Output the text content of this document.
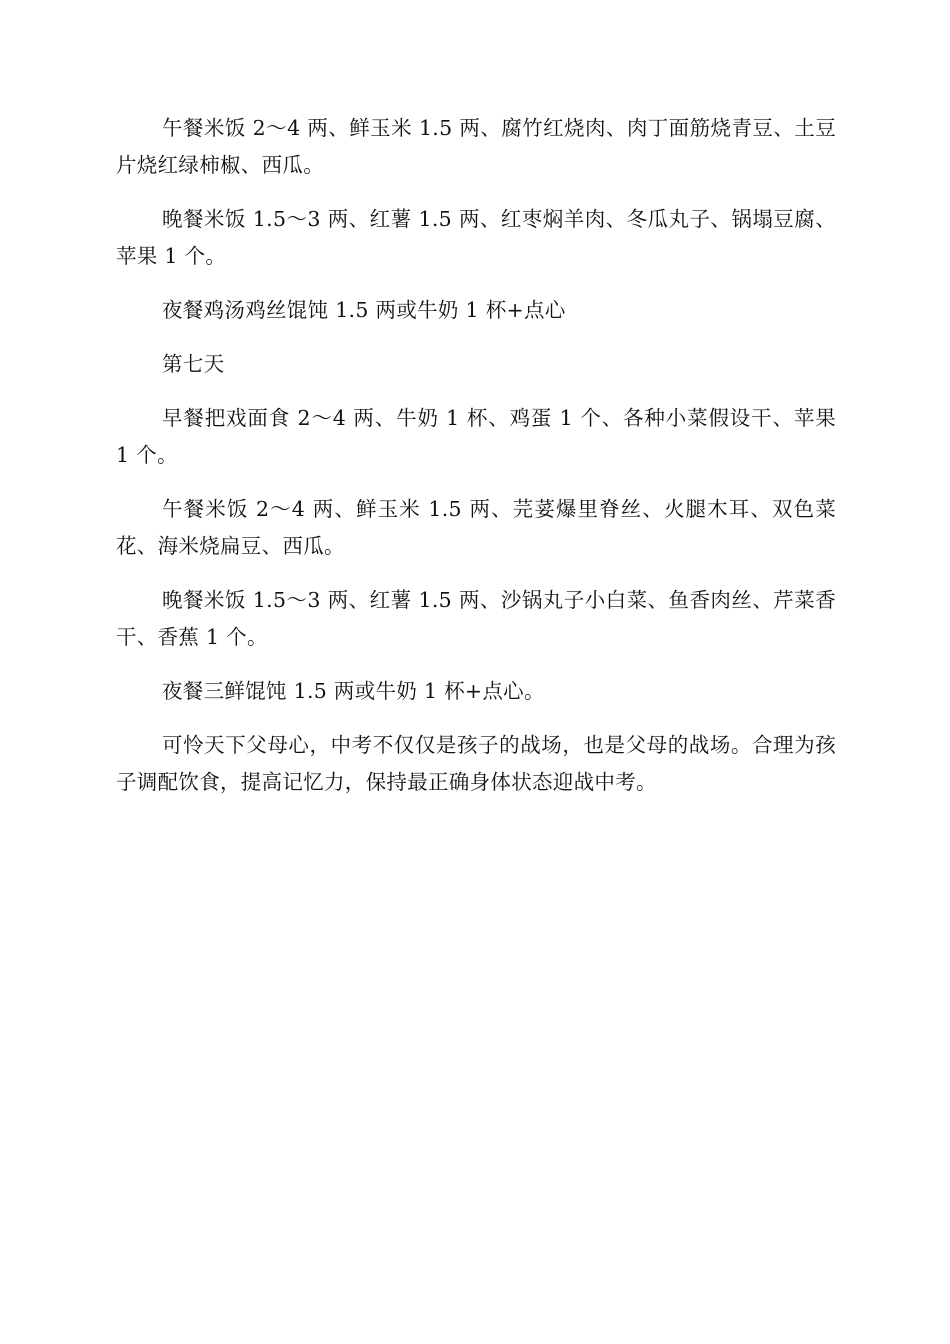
午餐米饭 2～4 两、鲜玉米 1.5 两、腐竹红烧肉、肉丁面筋烧青豆、土豆片烧红绿柿椒、西瓜。

晚餐米饭 1.5～3 两、红薯 1.5 两、红枣焖羊肉、冬瓜丸子、锅塌豆腐、苹果 1 个。

夜餐鸡汤鸡丝馄饨 1.5 两或牛奶 1 杯+点心

第七天

早餐把戏面食 2～4 两、牛奶 1 杯、鸡蛋 1 个、各种小菜假设干、苹果 1 个。

午餐米饭 2～4 两、鲜玉米 1.5 两、芫荽爆里脊丝、火腿木耳、双色菜花、海米烧扁豆、西瓜。

晚餐米饭 1.5～3 两、红薯 1.5 两、沙锅丸子小白菜、鱼香肉丝、芹菜香干、香蕉 1 个。

夜餐三鲜馄饨 1.5 两或牛奶 1 杯+点心。

可怜天下父母心，中考不仅仅是孩子的战场，也是父母的战场。合理为孩子调配饮食，提高记忆力，保持最正确身体状态迎战中考。
